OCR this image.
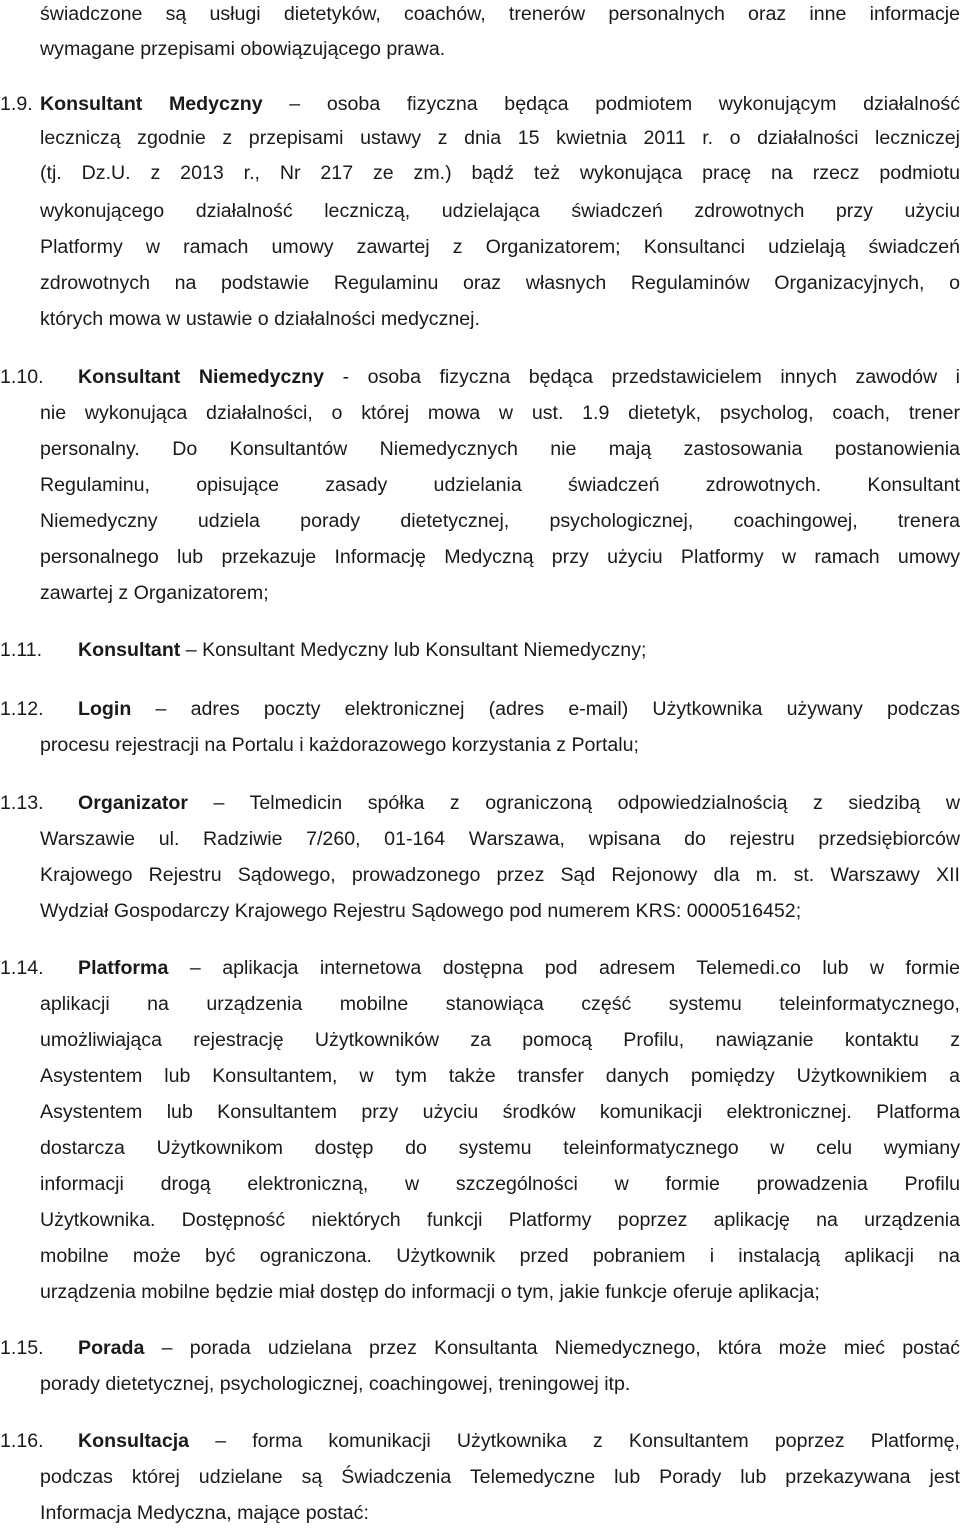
świadczone są usługi dietetyków, coachów, trenerów personalnych oraz inne informacje
wymagane przepisami obowiązującego prawa.
1.9. Konsultant Medyczny – osoba fizyczna będąca podmiotem wykonującym działalność
leczniczą zgodnie z przepisami ustawy z dnia 15 kwietnia 2011 r. o działalności leczniczej
(tj. Dz.U. z 2013 r., Nr 217 ze zm.) bądź też wykonująca pracę na rzecz podmiotu
wykonującego działalność leczniczą, udzielająca świadczeń zdrowotnych przy użyciu
Platformy w ramach umowy zawartej z Organizatorem; Konsultanci udzielają świadczeń
zdrowotnych na podstawie Regulaminu oraz własnych Regulaminów Organizacyjnych, o
których mowa w ustawie o działalności medycznej.
1.10.	Konsultant Niemedyczny - osoba fizyczna będąca przedstawicielem innych zawodów i
nie wykonująca działalności, o której mowa w ust. 1.9 dietetyk, psycholog, coach, trener
personalny. Do Konsultantów Niemedycznych nie mają zastosowania postanowienia
Regulaminu, opisujące zasady udzielania świadczeń zdrowotnych. Konsultant
Niemedyczny udziela porady dietetycznej, psychologicznej, coachingowej, trenera
personalnego lub przekazuje Informację Medyczną przy użyciu Platformy w ramach umowy
zawartej z Organizatorem;
1.11.	Konsultant – Konsultant Medyczny lub Konsultant Niemedyczny;
1.12.	Login – adres poczty elektronicznej (adres e-mail) Użytkownika używany podczas
procesu rejestracji na Portalu i każdorazowego korzystania z Portalu;
1.13.	Organizator – Telmedicin spółka z ograniczoną odpowiedzialnością z siedzibą w
Warszawie ul. Radziwie 7/260, 01-164 Warszawa, wpisana do rejestru przedsiębiorców
Krajowego Rejestru Sądowego, prowadzonego przez Sąd Rejonowy dla m. st. Warszawy XII
Wydział Gospodarczy Krajowego Rejestru Sądowego pod numerem KRS: 0000516452;
1.14.	Platforma – aplikacja internetowa dostępna pod adresem Telemedi.co lub w formie
aplikacji na urządzenia mobilne stanowiąca część systemu teleinformatycznego,
umożliwiająca rejestrację Użytkowników za pomocą Profilu, nawiązanie kontaktu z
Asystentem lub Konsultantem, w tym także transfer danych pomiędzy Użytkownikiem a
Asystentem lub Konsultantem przy użyciu środków komunikacji elektronicznej. Platforma
dostarcza Użytkownikom dostęp do systemu teleinformatycznego w celu wymiany
informacji drogą elektroniczną, w szczególności w formie prowadzenia Profilu
Użytkownika. Dostępność niektórych funkcji Platformy poprzez aplikację na urządzenia
mobilne może być ograniczona. Użytkownik przed pobraniem i instalacją aplikacji na
urządzenia mobilne będzie miał dostęp do informacji o tym, jakie funkcje oferuje aplikacja;
1.15.	Porada – porada udzielana przez Konsultanta Niemedycznego, która może mieć postać
porady dietetycznej, psychologicznej, coachingowej, treningowej itp.
1.16.	Konsultacja – forma komunikacji Użytkownika z Konsultantem poprzez Platformę,
podczas której udzielane są Świadczenia Telemedyczne lub Porady lub przekazywana jest
Informacja Medyczna, mające postać:
